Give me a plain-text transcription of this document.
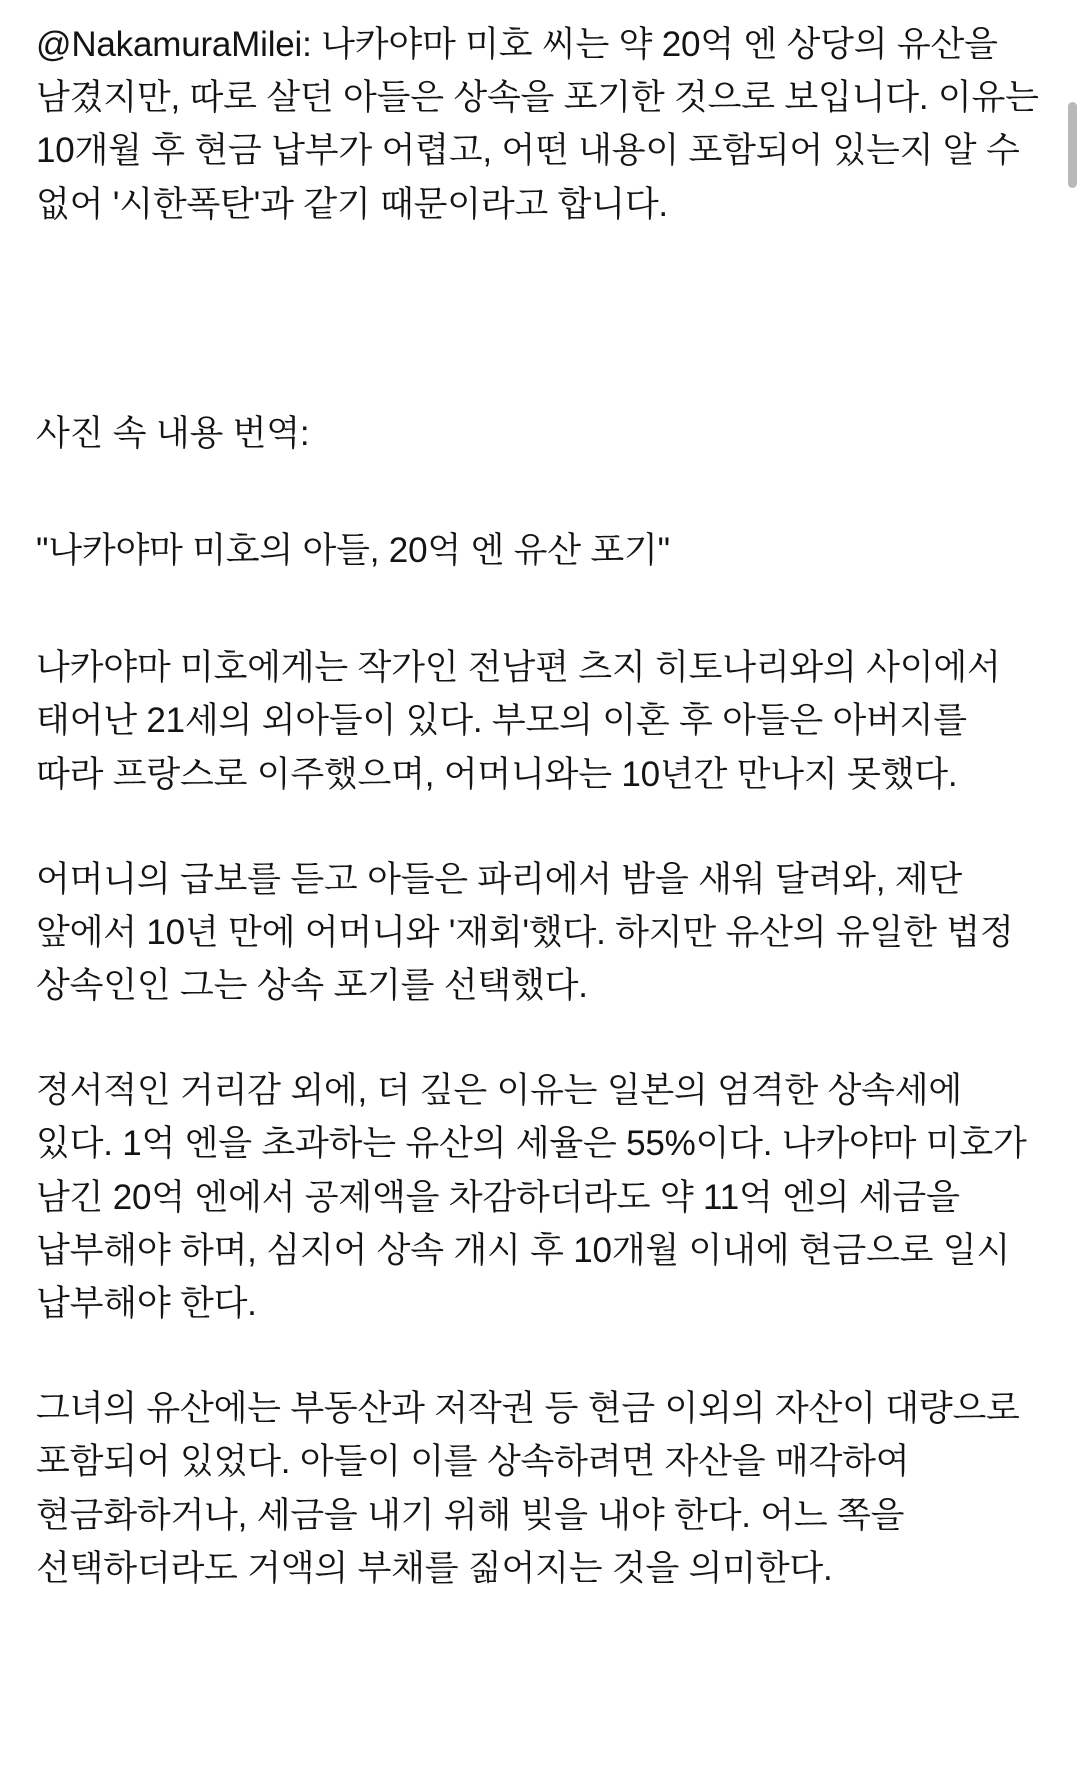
@NakamuraMilei: 나카야마 미호 씨는 약 20억 엔 상당의 유산을 남겼지만, 따로 살던 아들은 상속을 포기한 것으로 보입니다. 이유는 10개월 후 현금 납부가 어렵고, 어떤 내용이 포함되어 있는지 알 수 없어 '시한폭탄'과 같기 때문이라고 합니다.

사진 속 내용 번역:

"나카야마 미호의 아들, 20억 엔 유산 포기"

나카야마 미호에게는 작가인 전남편 츠지 히토나리와의 사이에서 태어난 21세의 외아들이 있다. 부모의 이혼 후 아들은 아버지를 따라 프랑스로 이주했으며, 어머니와는 10년간 만나지 못했다.

어머니의 급보를 듣고 아들은 파리에서 밤을 새워 달려와, 제단 앞에서 10년 만에 어머니와 '재회'했다. 하지만 유산의 유일한 법정 상속인인 그는 상속 포기를 선택했다.

정서적인 거리감 외에, 더 깊은 이유는 일본의 엄격한 상속세에 있다. 1억 엔을 초과하는 유산의 세율은 55%이다. 나카야마 미호가 남긴 20억 엔에서 공제액을 차감하더라도 약 11억 엔의 세금을 납부해야 하며, 심지어 상속 개시 후 10개월 이내에 현금으로 일시 납부해야 한다.

그녀의 유산에는 부동산과 저작권 등 현금 이외의 자산이 대량으로 포함되어 있었다. 아들이 이를 상속하려면 자산을 매각하여 현금화하거나, 세금을 내기 위해 빚을 내야 한다. 어느 쪽을 선택하더라도 거액의 부채를 짊어지는 것을 의미한다.
